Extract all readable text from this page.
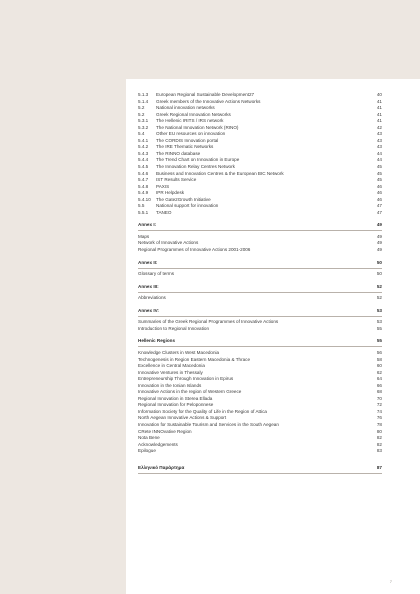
5.1.3	European Regional Sustainable Development27	40
5.1.4	Greek members of the Innovative Actions Networks	41
5.2	National innovation networks	41
5.2	Greek Regional Innovation Networks	41
5.3.1	The Hellenic IRITS / IRS network	41
5.3.2	The National Innovation Network (RINO)	42
5.4	Other EU resources on innovation	43
5.4.1	The CORDIS Innovation portal	43
5.4.2	The IRE Thematic Networks	43
5.4.3	The RINNO database	44
5.4.4	The Trend Chart on Innovation in Europe	44
5.4.5	The Innovation Relay Centres Network	45
5.4.6	Business and Innovation Centres & the European BIC Network	45
5.4.7	IST Results Service	45
5.4.8	PAXIS	46
5.4.9	IPR Helpdesk	46
5.4.10	The Gate2Growth Initiative	46
5.5	National support for innovation	47
5.5.1	TANEO	47
Annex I:	49
Maps	49
Network of Innovative Actions	49
Regional Programmes of Innovative Actions 2001-2006	49
Annex II:	50
Glossary of terms	50
Annex III:	52
Abbreviations	52
Annex IV:	53
Summaries of the Greek Regional Programmes of Innovative Actions	53
Introduction to Regional Innovation	55
Hellenic Regions	55
Knowledge Clusters in West Macedonia	56
Technogenesis in Region Eastern Macedonia & Thrace	58
Excellence in Central Macedonia	60
Innovative Ventures in Thessaly	62
Entrepreneurship Through Innovation in Epirus	64
Innovation in the Ionian Islands	66
Innovative Actions in the region of Western Greece	68
Regional Innovation in Sterea Ellada	70
Regional Innovation for Peloponnese	72
Information Society for the Quality of Life in the Region of Attica	74
North Aegean Innovative Actions & Support	76
Innovation for Sustainable Tourism and Services in the South Aegean	78
CRete INNOvative Region	80
Nota Bene	82
Acknowledgements	82
Epilogue	83
Ελληνικό Παράρτημα	87
7
